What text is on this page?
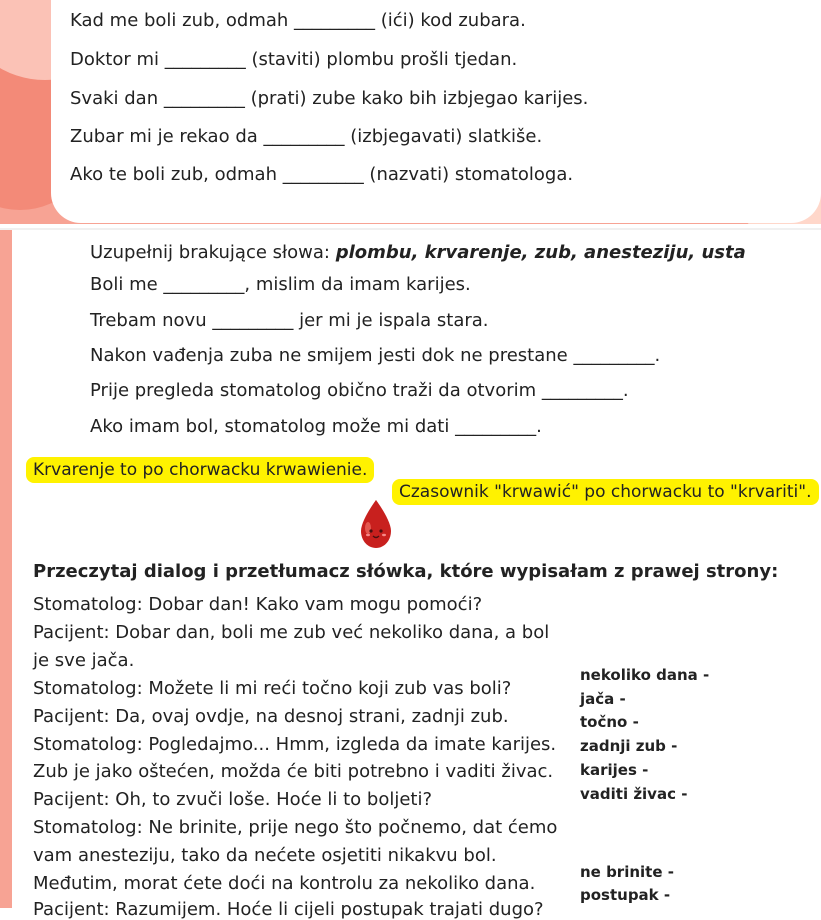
Kad me boli zub, odmah _________ (ići) kod zubara.
Doktor mi _________ (staviti) plombu prošli tjedan.
Svaki dan _________ (prati) zube kako bih izbjegao karijes.
Zubar mi je rekao da _________ (izbjegavati) slatkiše.
Ako te boli zub, odmah _________ (nazvati) stomatologa.
Uzupełnij brakujące słowa: plombu, krvarenje, zub, anesteziju, usta
Boli me _________, mislim da imam karijes.
Trebam novu _________ jer mi je ispala stara.
Nakon vađenja zuba ne smijem jesti dok ne prestane _________.
Prije pregleda stomatolog obično traži da otvorim _________.
Ako imam bol, stomatolog može mi dati _________.
Krvarenje to po chorwacku krwawienie.
Czasownik "krwawić" po chorwacku to "krvariti".
Przeczytaj dialog i przetłumacz słówka, które wypisałam z prawej strony:
Stomatolog: Dobar dan! Kako vam mogu pomoći?
Pacijent: Dobar dan, boli me zub već nekoliko dana, a bol
je sve jača.
Stomatolog: Možete li mi reći točno koji zub vas boli?
Pacijent: Da, ovaj ovdje, na desnoj strani, zadnji zub.
Stomatolog: Pogledajmo... Hmm, izgleda da imate karijes.
Zub je jako oštećen, možda će biti potrebno i vaditi živac.
Pacijent: Oh, to zvuči loše. Hoće li to boljeti?
Stomatolog: Ne brinite, prije nego što počnemo, dat ćemo
vam anesteziju, tako da nećete osjetiti nikakvu bol.
Međutim, morat ćete doći na kontrolu za nekoliko dana.
Pacijent: Razumijem. Hoće li cijeli postupak trajati dugo?
nekoliko dana -
jača -
točno -
zadnji zub -
karijes -
vaditi živac -
ne brinite -
postupak -
